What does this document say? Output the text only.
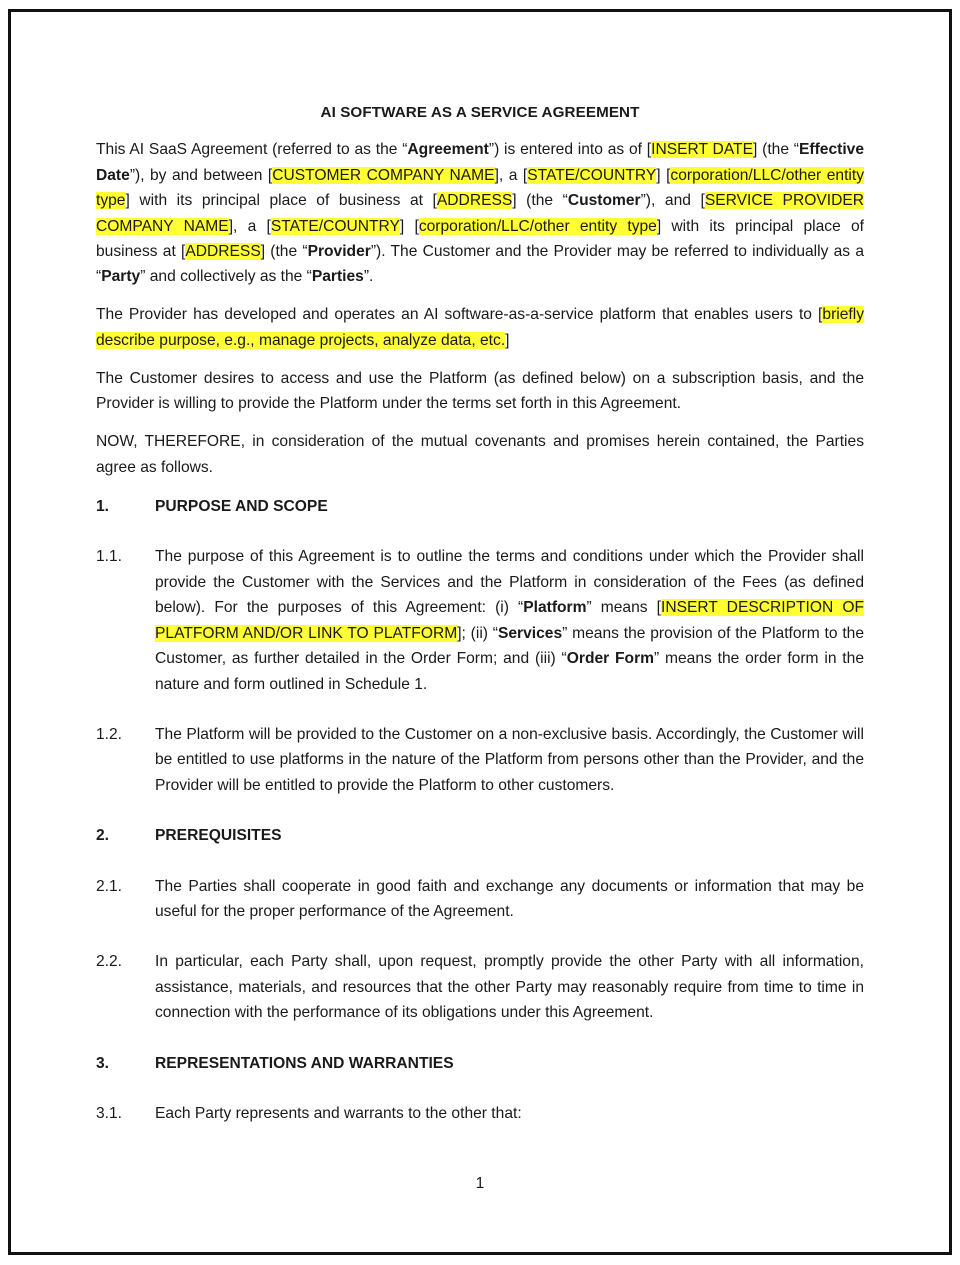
AI SOFTWARE AS A SERVICE AGREEMENT

This AI SaaS Agreement (referred to as the “Agreement”) is entered into as of [INSERT DATE] (the “Effective Date”), by and between [CUSTOMER COMPANY NAME], a [STATE/COUNTRY] [corporation/LLC/other entity type] with its principal place of business at [ADDRESS] (the “Customer”), and [SERVICE PROVIDER COMPANY NAME], a [STATE/COUNTRY] [corporation/LLC/other entity type] with its principal place of business at [ADDRESS] (the “Provider”). The Customer and the Provider may be referred to individually as a “Party” and collectively as the “Parties”.

The Provider has developed and operates an AI software-as-a-service platform that enables users to [briefly describe purpose, e.g., manage projects, analyze data, etc.]

The Customer desires to access and use the Platform (as defined below) on a subscription basis, and the Provider is willing to provide the Platform under the terms set forth in this Agreement.

NOW, THEREFORE, in consideration of the mutual covenants and promises herein contained, the Parties agree as follows.

1.	PURPOSE AND SCOPE
1.1.	The purpose of this Agreement is to outline the terms and conditions under which the Provider shall provide the Customer with the Services and the Platform in consideration of the Fees (as defined below). For the purposes of this Agreement: (i) “Platform” means [INSERT DESCRIPTION OF PLATFORM AND/OR LINK TO PLATFORM]; (ii) “Services” means the provision of the Platform to the Customer, as further detailed in the Order Form; and (iii) “Order Form” means the order form in the nature and form outlined in Schedule 1.
1.2.	The Platform will be provided to the Customer on a non-exclusive basis. Accordingly, the Customer will be entitled to use platforms in the nature of the Platform from persons other than the Provider, and the Provider will be entitled to provide the Platform to other customers.
2.	PREREQUISITES
2.1.	The Parties shall cooperate in good faith and exchange any documents or information that may be useful for the proper performance of the Agreement.
2.2.	In particular, each Party shall, upon request, promptly provide the other Party with all information, assistance, materials, and resources that the other Party may reasonably require from time to time in connection with the performance of its obligations under this Agreement.
3.	REPRESENTATIONS AND WARRANTIES
3.1.	Each Party represents and warrants to the other that:
1
